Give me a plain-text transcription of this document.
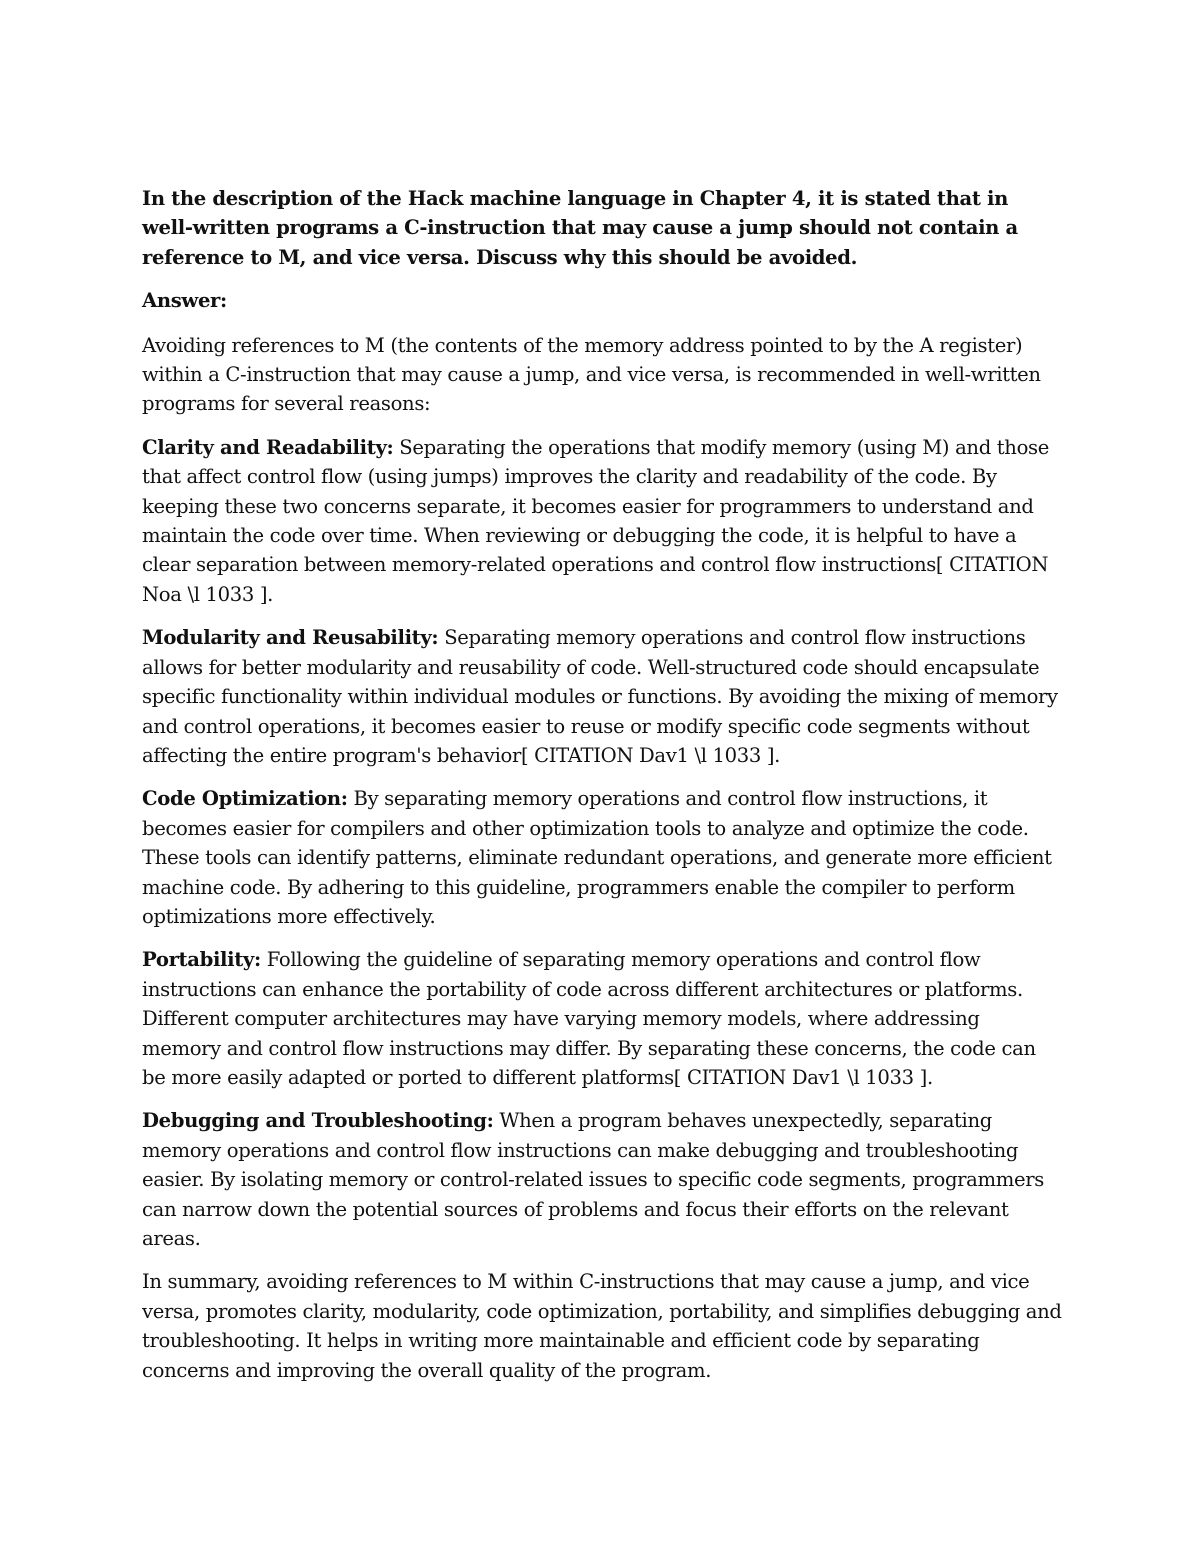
In the description of the Hack machine language in Chapter 4, it is stated that in well-written programs a C-instruction that may cause a jump should not contain a reference to M, and vice versa. Discuss why this should be avoided.

Answer:

Avoiding references to M (the contents of the memory address pointed to by the A register) within a C-instruction that may cause a jump, and vice versa, is recommended in well-written programs for several reasons:

Clarity and Readability: Separating the operations that modify memory (using M) and those that affect control flow (using jumps) improves the clarity and readability of the code. By keeping these two concerns separate, it becomes easier for programmers to understand and maintain the code over time. When reviewing or debugging the code, it is helpful to have a clear separation between memory-related operations and control flow instructions[ CITATION Noa \l 1033 ].

Modularity and Reusability: Separating memory operations and control flow instructions allows for better modularity and reusability of code. Well-structured code should encapsulate specific functionality within individual modules or functions. By avoiding the mixing of memory and control operations, it becomes easier to reuse or modify specific code segments without affecting the entire program's behavior[ CITATION Dav1 \l 1033 ].

Code Optimization: By separating memory operations and control flow instructions, it becomes easier for compilers and other optimization tools to analyze and optimize the code. These tools can identify patterns, eliminate redundant operations, and generate more efficient machine code. By adhering to this guideline, programmers enable the compiler to perform optimizations more effectively.

Portability: Following the guideline of separating memory operations and control flow instructions can enhance the portability of code across different architectures or platforms. Different computer architectures may have varying memory models, where addressing memory and control flow instructions may differ. By separating these concerns, the code can be more easily adapted or ported to different platforms[ CITATION Dav1 \l 1033 ].

Debugging and Troubleshooting: When a program behaves unexpectedly, separating memory operations and control flow instructions can make debugging and troubleshooting easier. By isolating memory or control-related issues to specific code segments, programmers can narrow down the potential sources of problems and focus their efforts on the relevant areas.

In summary, avoiding references to M within C-instructions that may cause a jump, and vice versa, promotes clarity, modularity, code optimization, portability, and simplifies debugging and troubleshooting. It helps in writing more maintainable and efficient code by separating concerns and improving the overall quality of the program.
